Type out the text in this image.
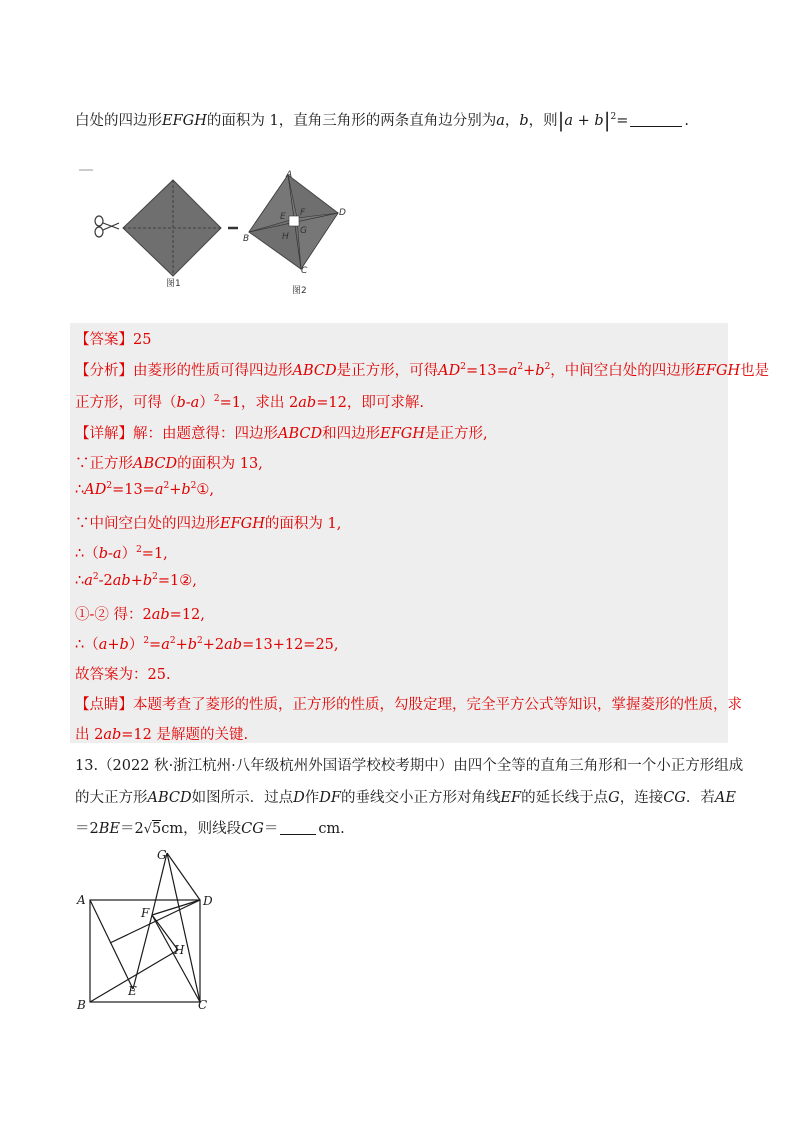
白处的四边形EFGH的面积为 1，直角三角形的两条直角边分别为a，b，则$|a + b|^2=$	.
A
D
B
C
E F
G
H
图1
图2
【答案】25
【分析】由菱形的性质可得四边形ABCD是正方形，可得$AD^2=13=a^2+b^2$，中间空白处的四边形EFGH也是
正方形，可得$(b-a)^2=1$，求出 2ab=12，即可求解.
【详解】解：由题意得：四边形ABCD和四边形EFGH是正方形,
∵正方形ABCD的面积为 13,
$\therefore AD^2=13=a^2+b^2①$,
∵中间空白处的四边形EFGH的面积为 1,
$\therefore(b-a)^2=1$,
$\therefore a^2-2ab+b^2=1②$,
①-② 得：2ab=12,
$\therefore(a+b)^2=a^2+b^2+2ab=13+12=25$,
故答案为：25.
【点睛】本题考查了菱形的性质，正方形的性质，勾股定理，完全平方公式等知识，掌握菱形的性质，求
出 2ab=12 是解题的关键.
13.（2022 秋·浙江杭州·八年级杭州外国语学校校考期中）由四个全等的直角三角形和一个小正方形组成
的大正方形ABCD如图所示．过点D作DF的垂线交小正方形对角线EF的延长线于点G，连接CG．若AE
＝2BE＝2√5cm，则线段CG＝	cm.
G
A	D
F
H
E
B	C
